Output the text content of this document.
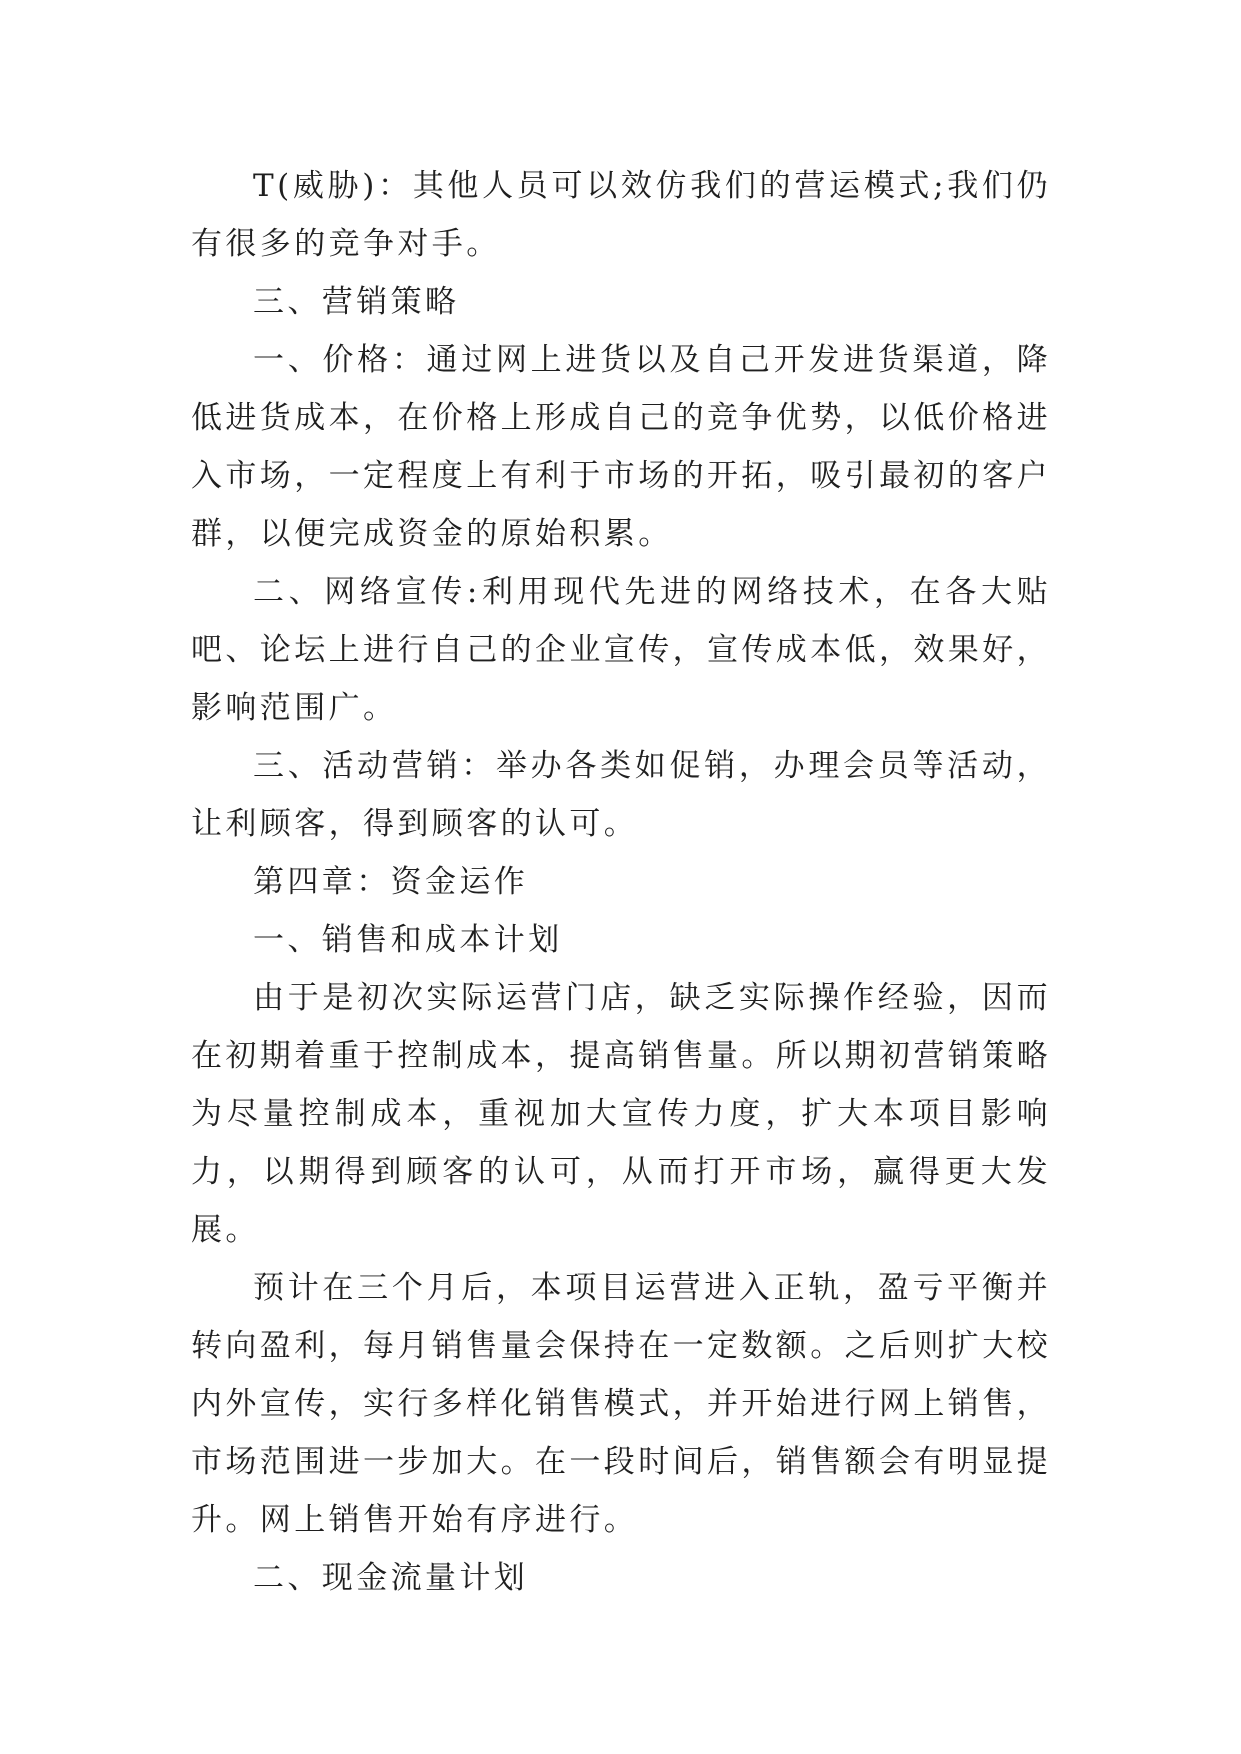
T(威胁)：其他人员可以效仿我们的营运模式;我们仍有很多的竞争对手。

三、营销策略

一、价格：通过网上进货以及自己开发进货渠道，降低进货成本，在价格上形成自己的竞争优势，以低价格进入市场，一定程度上有利于市场的开拓，吸引最初的客户群，以便完成资金的原始积累。

二、网络宣传:利用现代先进的网络技术，在各大贴吧、论坛上进行自己的企业宣传，宣传成本低，效果好，影响范围广。

三、活动营销：举办各类如促销，办理会员等活动，让利顾客，得到顾客的认可。

第四章：资金运作

一、销售和成本计划

由于是初次实际运营门店，缺乏实际操作经验，因而在初期着重于控制成本，提高销售量。所以期初营销策略为尽量控制成本，重视加大宣传力度，扩大本项目影响力，以期得到顾客的认可，从而打开市场，赢得更大发展。

预计在三个月后，本项目运营进入正轨，盈亏平衡并转向盈利，每月销售量会保持在一定数额。之后则扩大校内外宣传，实行多样化销售模式，并开始进行网上销售，市场范围进一步加大。在一段时间后，销售额会有明显提升。网上销售开始有序进行。

二、现金流量计划
